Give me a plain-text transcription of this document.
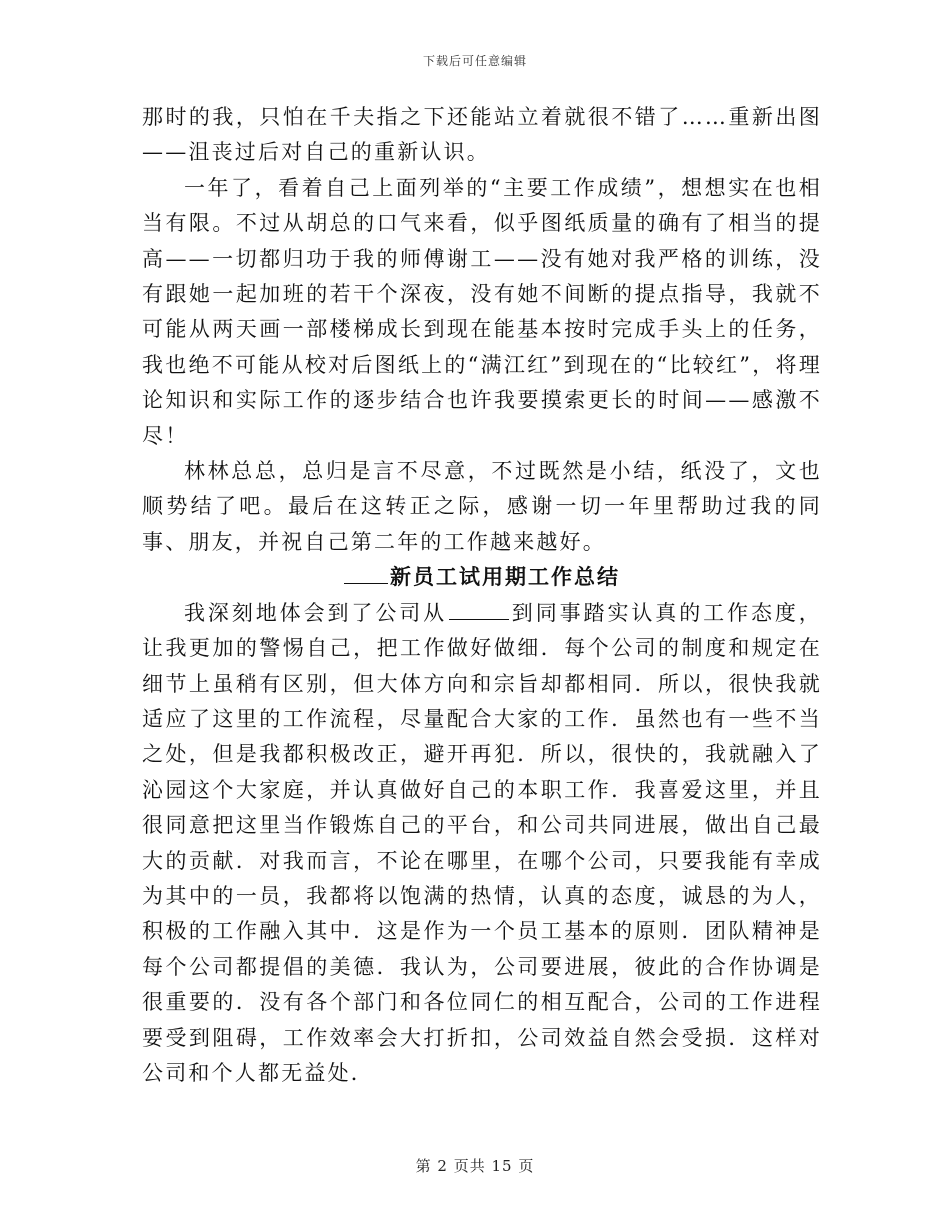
下载后可任意编辑

那时的我，只怕在千夫指之下还能站立着就很不错了……重新出图——沮丧过后对自己的重新认识。

一年了，看着自己上面列举的“主要工作成绩”，想想实在也相当有限。不过从胡总的口气来看，似乎图纸质量的确有了相当的提高——一切都归功于我的师傅谢工——没有她对我严格的训练，没有跟她一起加班的若干个深夜，没有她不间断的提点指导，我就不可能从两天画一部楼梯成长到现在能基本按时完成手头上的任务，我也绝不可能从校对后图纸上的“满江红”到现在的“比较红”，将理论知识和实际工作的逐步结合也许我要摸索更长的时间——感激不尽！

林林总总，总归是言不尽意，不过既然是小结，纸没了，文也顺势结了吧。最后在这转正之际，感谢一切一年里帮助过我的同事、朋友，并祝自己第二年的工作越来越好。

新员工试用期工作总结

我深刻地体会到了公司从	到同事踏实认真的工作态度，让我更加的警惕自己，把工作做好做细．每个公司的制度和规定在细节上虽稍有区别，但大体方向和宗旨却都相同．所以，很快我就适应了这里的工作流程，尽量配合大家的工作．虽然也有一些不当之处，但是我都积极改正，避开再犯．所以，很快的，我就融入了沁园这个大家庭，并认真做好自己的本职工作．我喜爱这里，并且很同意把这里当作锻炼自己的平台，和公司共同进展，做出自己最大的贡献．对我而言，不论在哪里，在哪个公司，只要我能有幸成为其中的一员，我都将以饱满的热情，认真的态度，诚恳的为人，积极的工作融入其中．这是作为一个员工基本的原则．团队精神是每个公司都提倡的美德．我认为，公司要进展，彼此的合作协调是很重要的．没有各个部门和各位同仁的相互配合，公司的工作进程要受到阻碍，工作效率会大打折扣，公司效益自然会受损．这样对公司和个人都无益处．

第 2 页共 15 页
